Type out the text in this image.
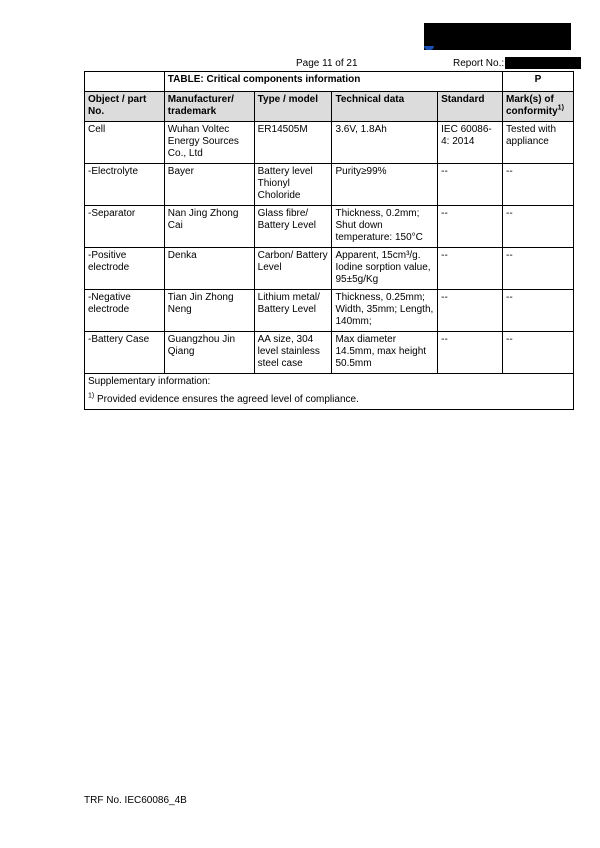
Page 11 of 21	Report No.:
	TABLE: Critical components information				P
Object / part No.	Manufacturer/ trademark	Type / model	Technical data	Standard	Mark(s) of conformity$^{1)}$
Cell	Wuhan Voltec Energy Sources Co., Ltd	ER14505M	3.6V, 1.8Ah	IEC 60086-4: 2014	Tested with appliance
-Electrolyte	Bayer	Battery level Thionyl Choloride	Purity≥99%	--	--
-Separator	Nan Jing Zhong Cai	Glass fibre/ Battery Level	Thickness, 0.2mm; Shut down temperature: 150°C	--	--
-Positive electrode	Denka	Carbon/ Battery Level	Apparent, 15cm³/g. Iodine sorption value, 95±5g/Kg	--	--
-Negative electrode	Tian Jin Zhong Neng	Lithium metal/ Battery Level	Thickness, 0.25mm; Width, 35mm; Length, 140mm;	--	--
-Battery Case	Guangzhou Jin Qiang	AA size, 304 level stainless steel case	Max diameter 14.5mm, max height 50.5mm	--	--

Supplementary information:
$^{1)}$ Provided evidence ensures the agreed level of compliance.					
TRF No. IEC60086_4B
